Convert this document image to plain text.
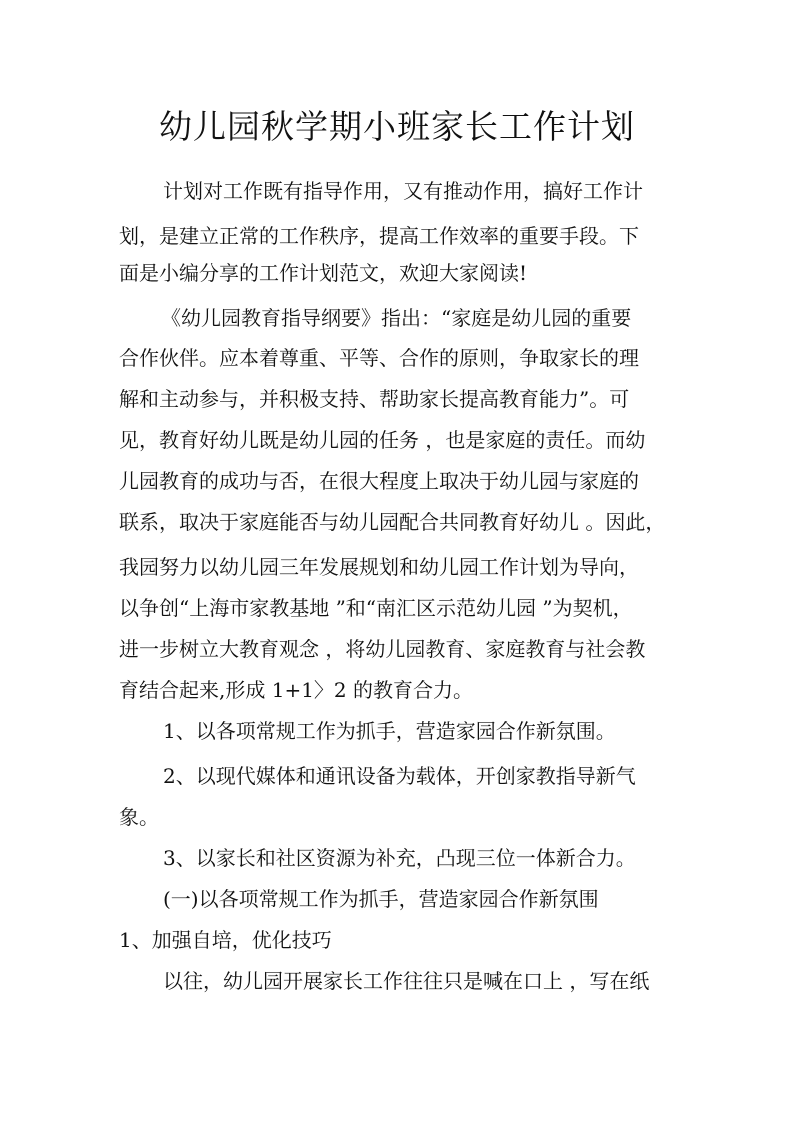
幼儿园秋学期小班家长工作计划
计划对工作既有指导作用，又有推动作用，搞好工作计
划，是建立正常的工作秩序，提高工作效率的重要手段。下
面是小编分享的工作计划范文，欢迎大家阅读!
《幼儿园教育指导纲要》指出：“家庭是幼儿园的重要
合作伙伴。应本着尊重、平等、合作的原则，争取家长的理
解和主动参与，并积极支持、帮助家长提高教育能力”。可
见，教育好幼儿既是幼儿园的任务 ，也是家庭的责任。而幼
儿园教育的成功与否，在很大程度上取决于幼儿园与家庭的
联系，取决于家庭能否与幼儿园配合共同教育好幼儿 。因此，
我园努力以幼儿园三年发展规划和幼儿园工作计划为导向，
以争创“上海市家教基地 ”和“南汇区示范幼儿园 ”为契机，
进一步树立大教育观念 ，将幼儿园教育、家庭教育与社会教
育结合起来,形成 1+1〉2 的教育合力。
1、以各项常规工作为抓手，营造家园合作新氛围。
2、以现代媒体和通讯设备为载体，开创家教指导新气
象。
3、以家长和社区资源为补充，凸现三位一体新合力。
(一)以各项常规工作为抓手，营造家园合作新氛围
1、加强自培，优化技巧
以往，幼儿园开展家长工作往往只是喊在口上 ，写在纸
